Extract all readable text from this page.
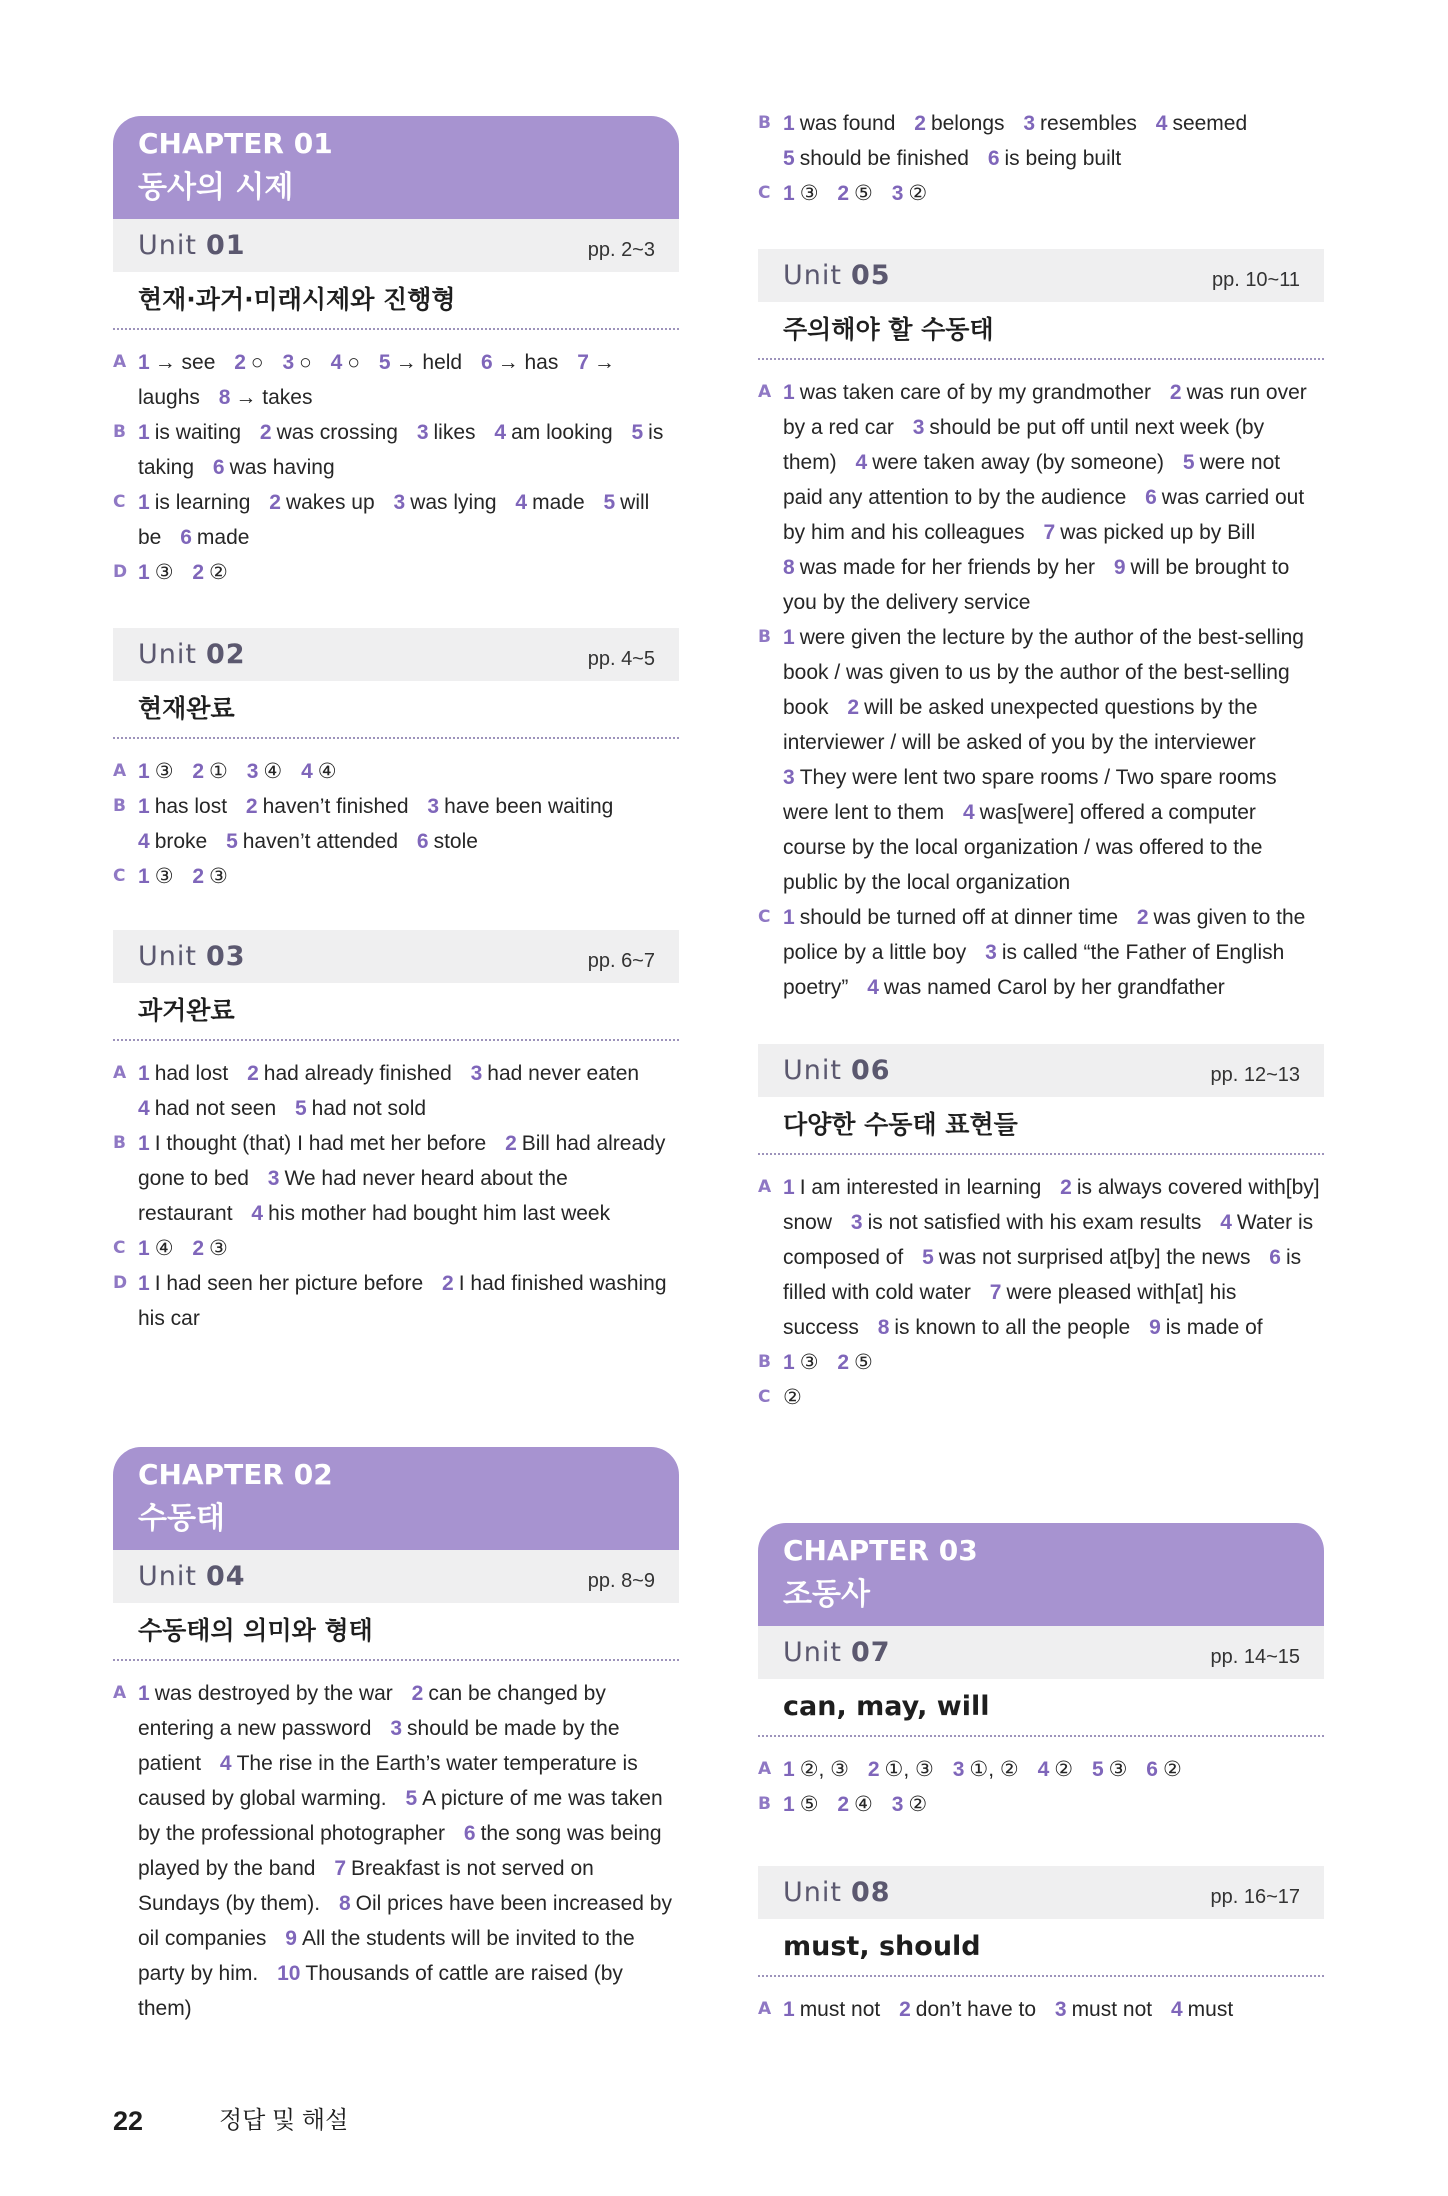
CHAPTER 01
동사의 시제
Unit 01	pp. 2~3
현재·과거·미래시제와 진행형
A 1 → see 2 ○ 3 ○ 4 ○ 5 → held 6 → has 7 → laughs 8 → takes
B 1 is waiting 2 was crossing 3 likes 4 am looking 5 is taking 6 was having
C 1 is learning 2 wakes up 3 was lying 4 made 5 will be 6 made
D 1 ③ 2 ②
Unit 02	pp. 4~5
현재완료
A 1 ③ 2 ① 3 ④ 4 ④
B 1 has lost 2 haven’t finished 3 have been waiting 4 broke 5 haven’t attended 6 stole
C 1 ③ 2 ③
Unit 03	pp. 6~7
과거완료
A 1 had lost 2 had already finished 3 had never eaten 4 had not seen 5 had not sold
B 1 I thought (that) I had met her before 2 Bill had already gone to bed 3 We had never heard about the restaurant 4 his mother had bought him last week
C 1 ④ 2 ③
D 1 I had seen her picture before 2 I had finished washing his car
CHAPTER 02
수동태
Unit 04	pp. 8~9
수동태의 의미와 형태
A 1 was destroyed by the war 2 can be changed by entering a new password 3 should be made by the patient 4 The rise in the Earth’s water temperature is caused by global warming. 5 A picture of me was taken by the professional photographer 6 the song was being played by the band 7 Breakfast is not served on Sundays (by them). 8 Oil prices have been increased by oil companies 9 All the students will be invited to the party by him. 10 Thousands of cattle are raised (by them)
B 1 was found 2 belongs 3 resembles 4 seemed 5 should be finished 6 is being built
C 1 ③ 2 ⑤ 3 ②
Unit 05	pp. 10~11
주의해야 할 수동태
A 1 was taken care of by my grandmother 2 was run over by a red car 3 should be put off until next week (by them) 4 were taken away (by someone) 5 were not paid any attention to by the audience 6 was carried out by him and his colleagues 7 was picked up by Bill 8 was made for her friends by her 9 will be brought to you by the delivery service
B 1 were given the lecture by the author of the best-selling book / was given to us by the author of the best-selling book 2 will be asked unexpected questions by the interviewer / will be asked of you by the interviewer 3 They were lent two spare rooms / Two spare rooms were lent to them 4 was[were] offered a computer course by the local organization / was offered to the public by the local organization
C 1 should be turned off at dinner time 2 was given to the police by a little boy 3 is called “the Father of English poetry” 4 was named Carol by her grandfather
Unit 06	pp. 12~13
다양한 수동태 표현들
A 1 I am interested in learning 2 is always covered with[by] snow 3 is not satisfied with his exam results 4 Water is composed of 5 was not surprised at[by] the news 6 is filled with cold water 7 were pleased with[at] his success 8 is known to all the people 9 is made of
B 1 ③ 2 ⑤
C ②
CHAPTER 03
조동사
Unit 07	pp. 14~15
can, may, will
A 1 ②, ③ 2 ①, ③ 3 ①, ② 4 ② 5 ③ 6 ②
B 1 ⑤ 2 ④ 3 ②
Unit 08	pp. 16~17
must, should
A 1 must not 2 don’t have to 3 must not 4 must
22	정답 및 해설
